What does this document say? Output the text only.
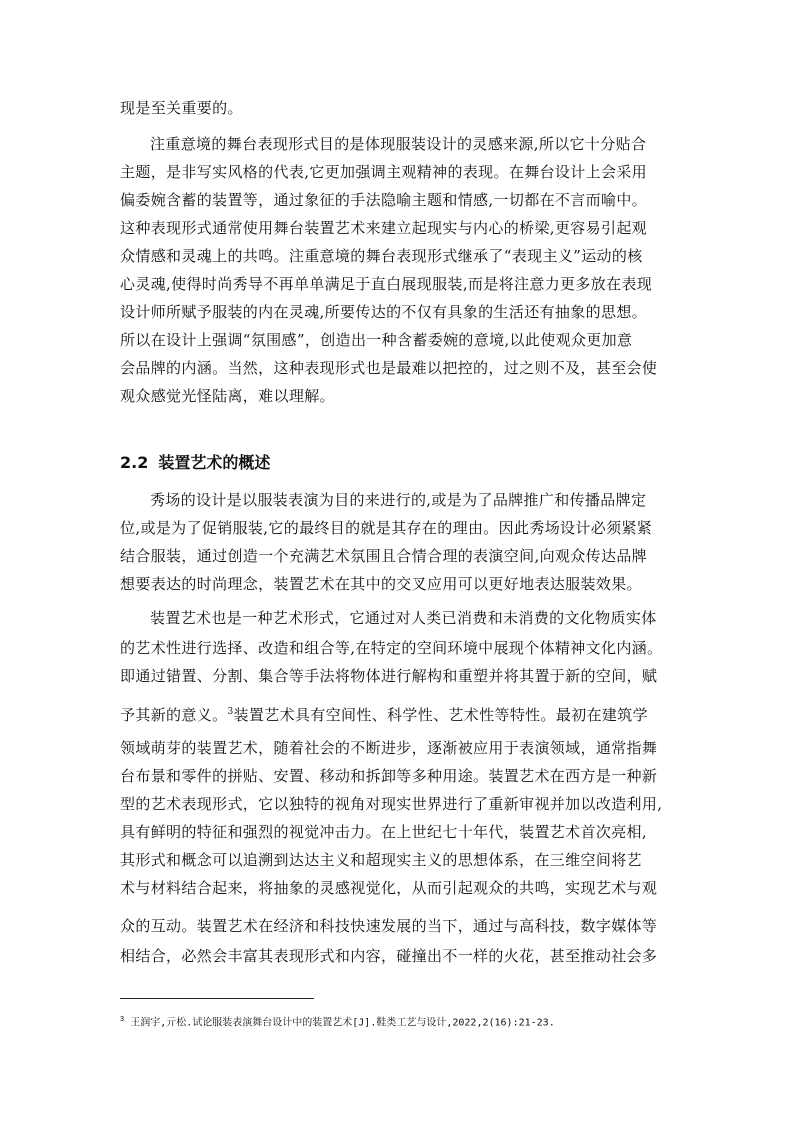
现是至关重要的。
注重意境的舞台表现形式目的是体现服装设计的灵感来源,所以它十分贴合
主题，是非写实风格的代表,它更加强调主观精神的表现。在舞台设计上会采用
偏委婉含蓄的装置等，通过象征的手法隐喻主题和情感,一切都在不言而喻中。
这种表现形式通常使用舞台装置艺术来建立起现实与内心的桥梁,更容易引起观
众情感和灵魂上的共鸣。注重意境的舞台表现形式继承了“表现主义”运动的核
心灵魂,使得时尚秀导不再单单满足于直白展现服装,而是将注意力更多放在表现
设计师所赋予服装的内在灵魂,所要传达的不仅有具象的生活还有抽象的思想。
所以在设计上强调“氛围感”，创造出一种含蓄委婉的意境,以此使观众更加意
会品牌的内涵。当然，这种表现形式也是最难以把控的，过之则不及，甚至会使
观众感觉光怪陆离，难以理解。
2.2 装置艺术的概述
秀场的设计是以服装表演为目的来进行的,或是为了品牌推广和传播品牌定
位,或是为了促销服装,它的最终目的就是其存在的理由。因此秀场设计必须紧紧
结合服装，通过创造一个充满艺术氛围且合情合理的表演空间,向观众传达品牌
想要表达的时尚理念，装置艺术在其中的交叉应用可以更好地表达服装效果。
装置艺术也是一种艺术形式，它通过对人类已消费和未消费的文化物质实体
的艺术性进行选择、改造和组合等,在特定的空间环境中展现个体精神文化内涵。
即通过错置、分割、集合等手法将物体进行解构和重塑并将其置于新的空间，赋
予其新的意义。$^3$装置艺术具有空间性、科学性、艺术性等特性。最初在建筑学
领域萌芽的装置艺术，随着社会的不断进步，逐渐被应用于表演领域，通常指舞
台布景和零件的拼贴、安置、移动和拆卸等多种用途。装置艺术在西方是一种新
型的艺术表现形式，它以独特的视角对现实世界进行了重新审视并加以改造利用,
具有鲜明的特征和强烈的视觉冲击力。在上世纪七十年代，装置艺术首次亮相,
其形式和概念可以追溯到达达主义和超现实主义的思想体系，在三维空间将艺
术与材料结合起来，将抽象的灵感视觉化，从而引起观众的共鸣，实现艺术与观
众的互动。装置艺术在经济和科技快速发展的当下，通过与高科技，数字媒体等
相结合，必然会丰富其表现形式和内容，碰撞出不一样的火花，甚至推动社会多
$^3$ 王润宇,亓松.试论服装表演舞台设计中的装置艺术[J].鞋类工艺与设计,2022,2(16):21-23.
